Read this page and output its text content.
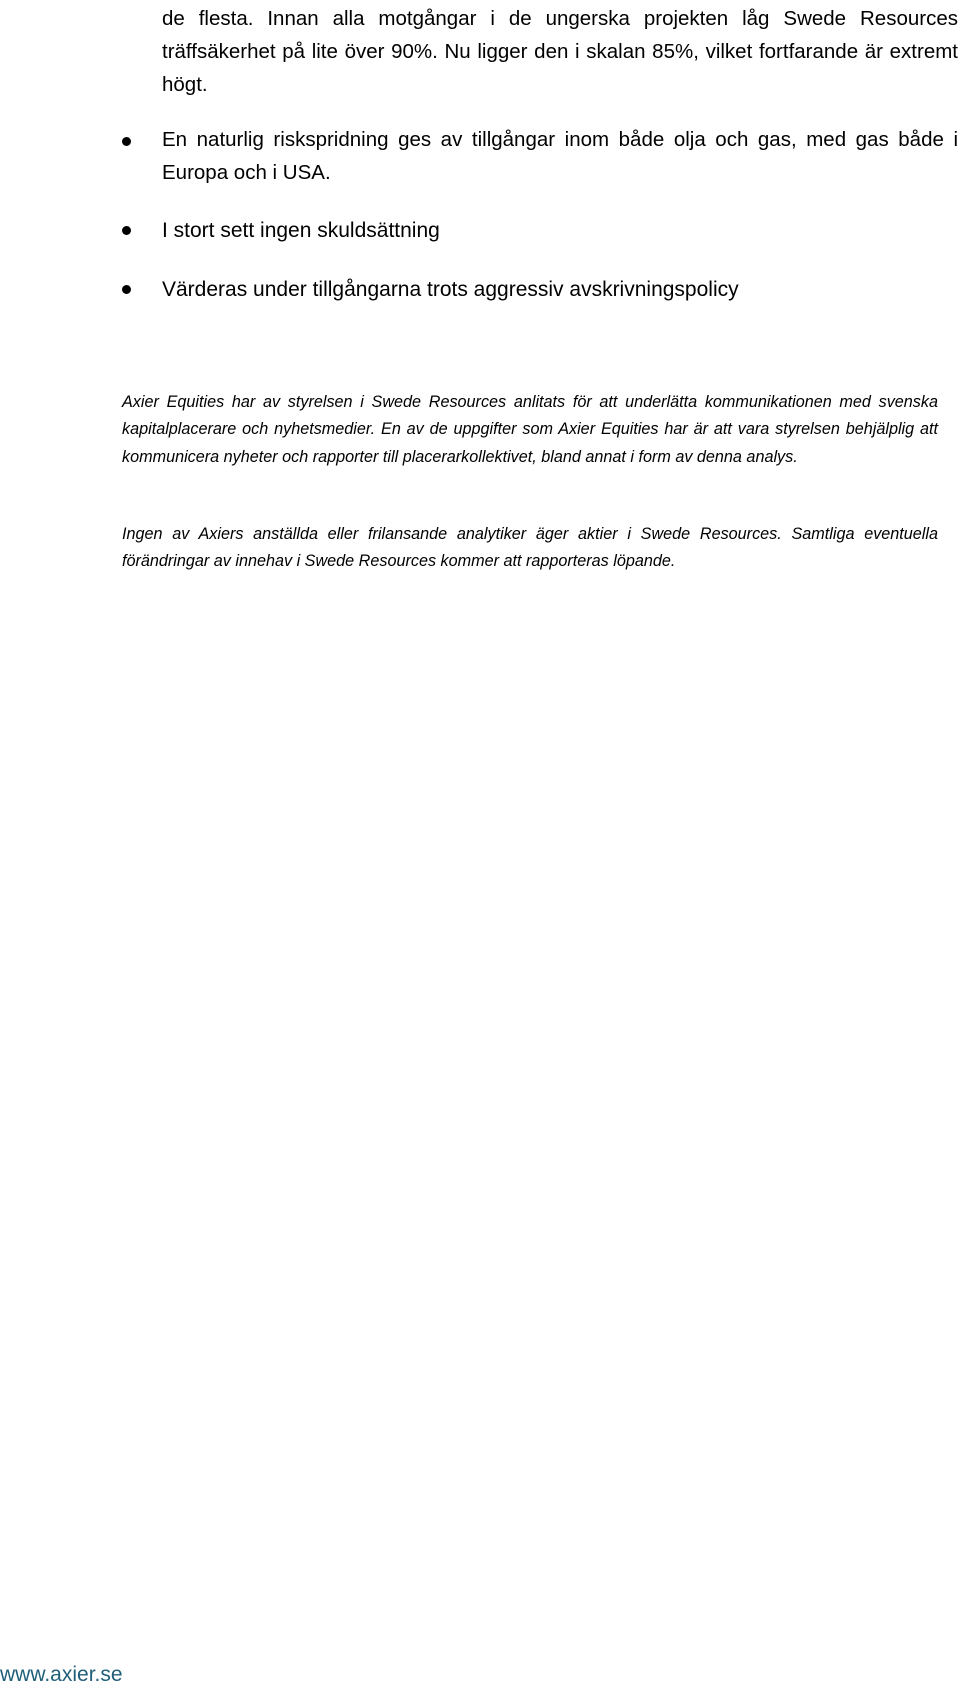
de flesta. Innan alla motgångar i de ungerska projekten låg Swede Resources träffsäkerhet på lite över 90%. Nu ligger den i skalan 85%, vilket fortfarande är extremt högt.

En naturlig riskspridning ges av tillgångar inom både olja och gas, med gas både i Europa och i USA.
I stort sett ingen skuldsättning
Värderas under tillgångarna trots aggressiv avskrivningspolicy

Axier Equities har av styrelsen i Swede Resources anlitats för att underlätta kommunikationen med svenska kapitalplacerare och nyhetsmedier. En av de uppgifter som Axier Equities har är att vara styrelsen behjälplig att kommunicera nyheter och rapporter till placerarkollektivet, bland annat i form av denna analys.

Ingen av Axiers anställda eller frilansande analytiker äger aktier i Swede Resources. Samtliga eventuella förändringar av innehav i Swede Resources kommer att rapporteras löpande.

www.axier.se
